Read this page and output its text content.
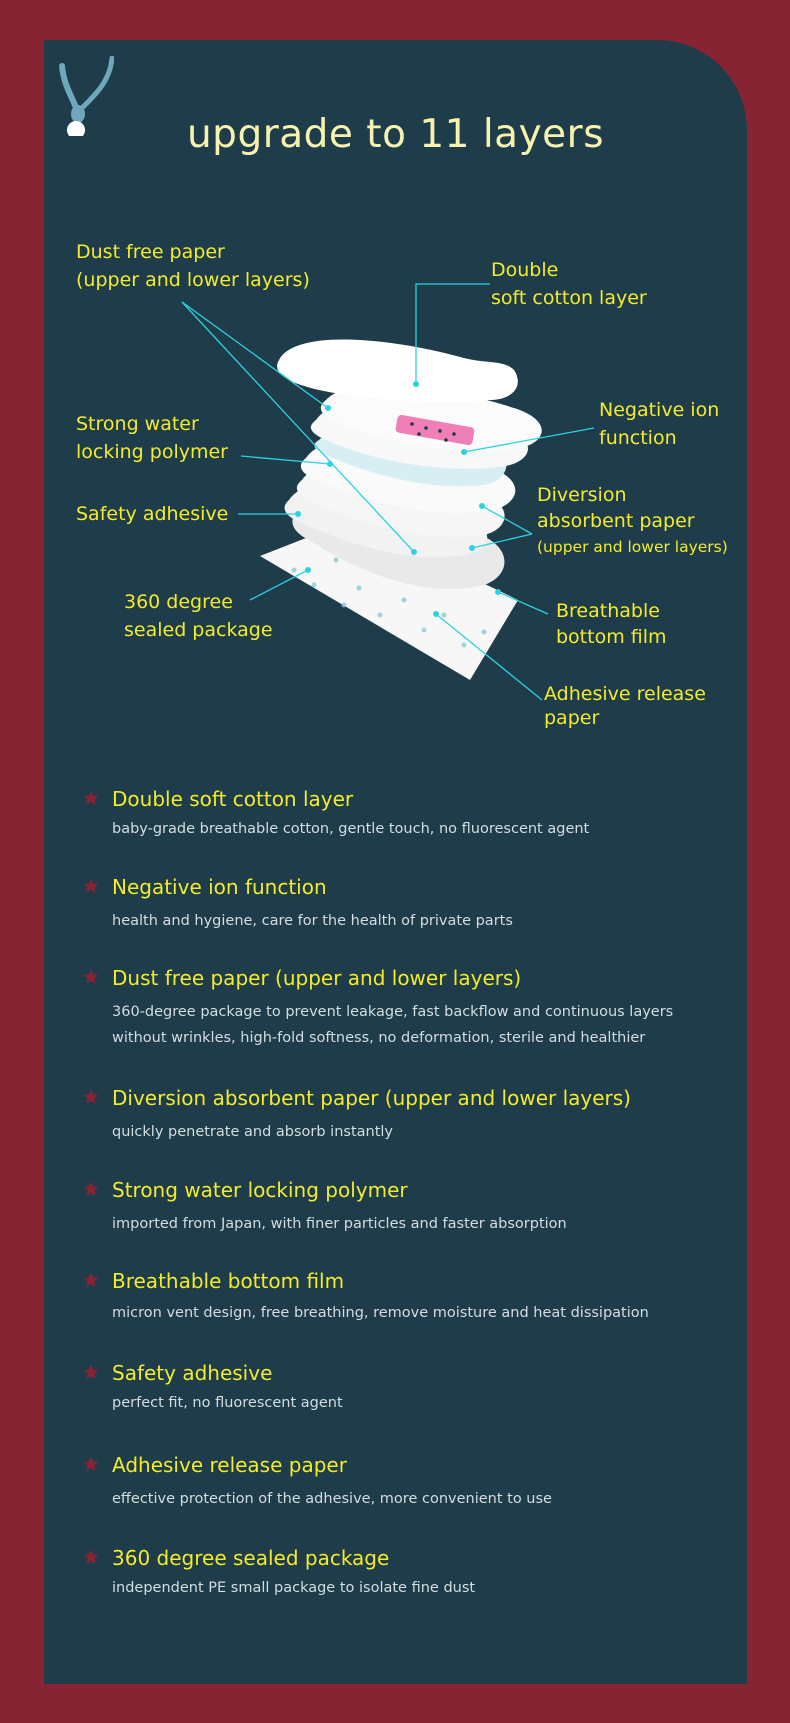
upgrade to 11 layers
Dust free paper
(upper and lower layers)	Double
soft cotton layer
Strong water
locking polymer
Negative ion
function
Safety adhesive
Diversion
absorbent paper
(upper and lower layers)
360 degree
sealed package
Breathable
bottom film
Adhesive release
paper
Double soft cotton layer
baby-grade breathable cotton, gentle touch, no fluorescent agent
Negative ion function
health and hygiene, care for the health of private parts
Dust free paper (upper and lower layers)
360-degree package to prevent leakage, fast backflow and continuous layers
without wrinkles, high-fold softness, no deformation, sterile and healthier
Diversion absorbent paper (upper and lower layers)
quickly penetrate and absorb instantly
Strong water locking polymer
imported from Japan, with finer particles and faster absorption
Breathable bottom film
micron vent design, free breathing, remove moisture and heat dissipation
Safety adhesive
perfect fit, no fluorescent agent
Adhesive release paper
effective protection of the adhesive, more convenient to use
360 degree sealed package
independent PE small package to isolate fine dust
